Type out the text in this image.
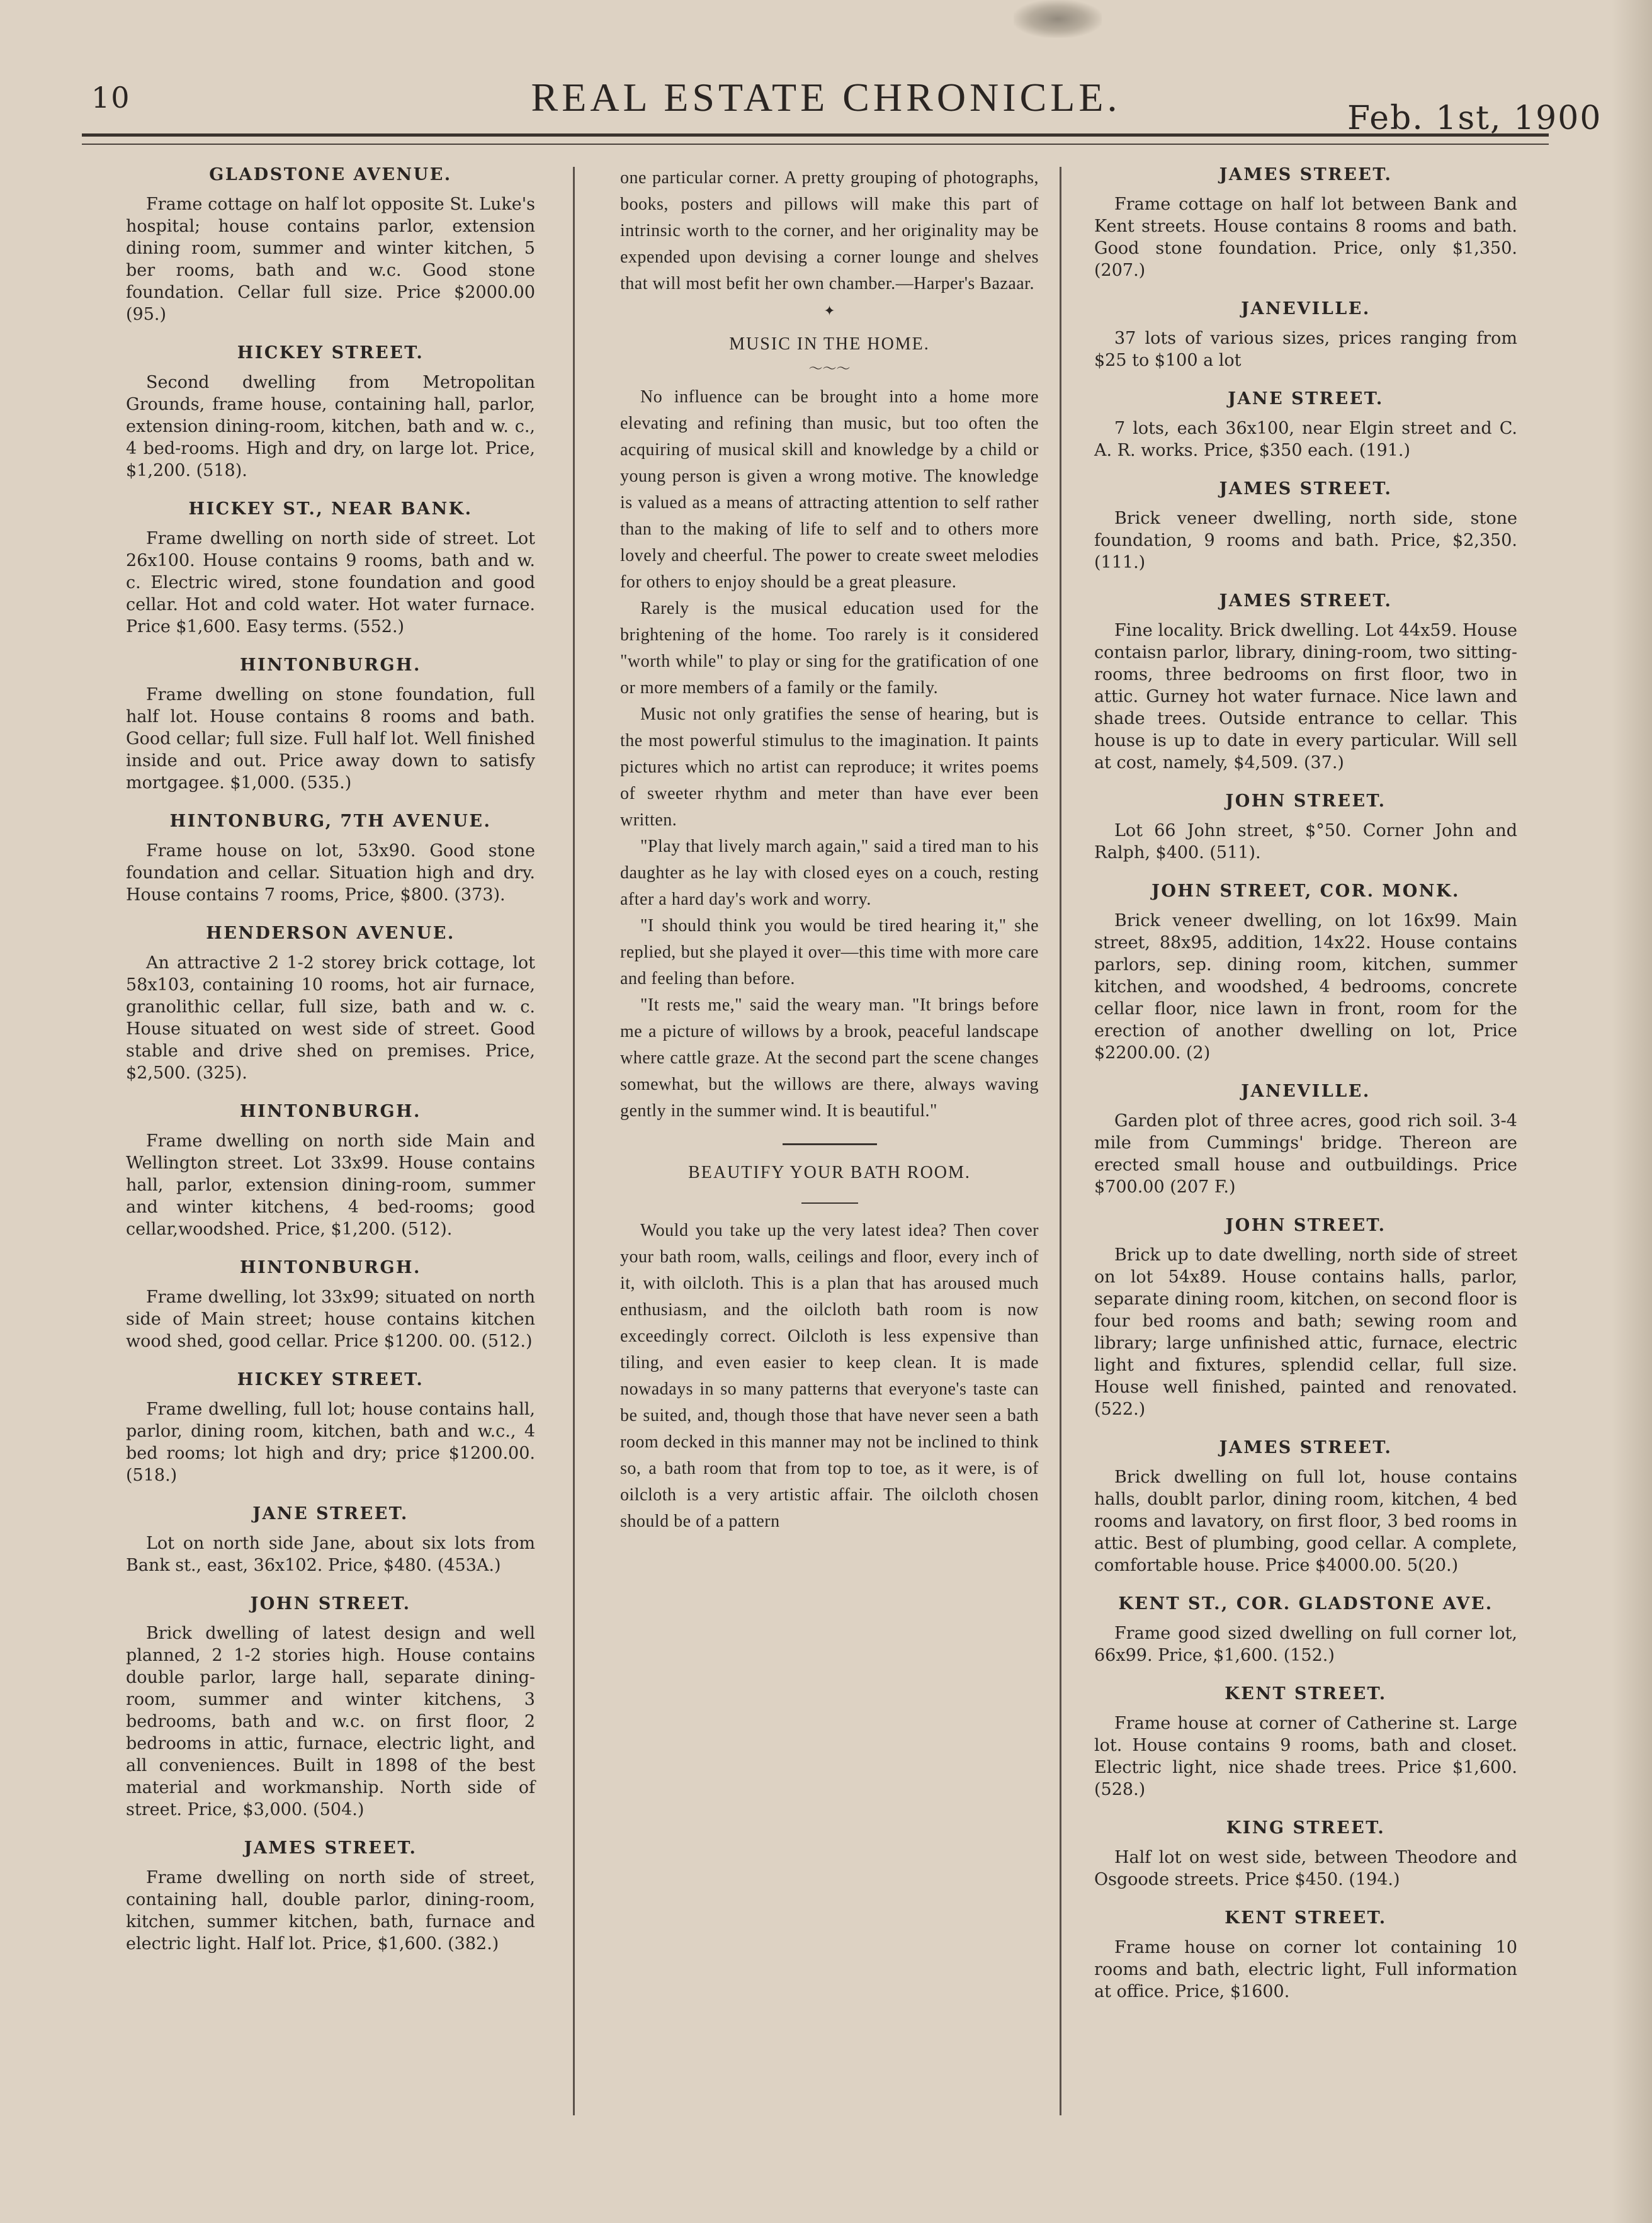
10	REAL ESTATE CHRONICLE.	Feb. 1st, 1900
GLADSTONE AVENUE.

Frame cottage on half lot opposite St. Luke's hospital; house contains parlor, extension dining room, summer and winter kitchen, 5 ber rooms, bath and w.c. Good stone foundation. Cellar full size. Price $2000.00 (95.)

HICKEY STREET.

Second dwelling from Metropolitan Grounds, frame house, containing hall, parlor, extension dining-room, kitchen, bath and w. c., 4 bed-rooms. High and dry, on large lot. Price, $1,200. (518).

HICKEY ST., NEAR BANK.

Frame dwelling on north side of street. Lot 26x100. House contains 9 rooms, bath and w. c. Electric wired, stone foundation and good cellar. Hot and cold water. Hot water furnace. Price $1,600. Easy terms. (552.)

HINTONBURGH.

Frame dwelling on stone foundation, full half lot. House contains 8 rooms and bath. Good cellar; full size. Full half lot. Well finished inside and out. Price away down to satisfy mortgagee. $1,000. (535.)

HINTONBURG, 7TH AVENUE.

Frame house on lot, 53x90. Good stone foundation and cellar. Situation high and dry. House contains 7 rooms, Price, $800. (373).

HENDERSON AVENUE.

An attractive 2 1-2 storey brick cottage, lot 58x103, containing 10 rooms, hot air furnace, granolithic cellar, full size, bath and w. c. House situated on west side of street. Good stable and drive shed on premises. Price, $2,500. (325).

HINTONBURGH.

Frame dwelling on north side Main and Wellington street. Lot 33x99. House contains hall, parlor, extension dining-room, summer and winter kitchens, 4 bed-rooms; good cellar,woodshed. Price, $1,200. (512).

HINTONBURGH.

Frame dwelling, lot 33x99; situated on north side of Main street; house contains kitchen wood shed, good cellar. Price $1200. 00. (512.)

HICKEY STREET.

Frame dwelling, full lot; house contains hall, parlor, dining room, kitchen, bath and w.c., 4 bed rooms; lot high and dry; price $1200.00. (518.)

JANE STREET.

Lot on north side Jane, about six lots from Bank st., east, 36x102. Price, $480. (453A.)

JOHN STREET.

Brick dwelling of latest design and well planned, 2 1-2 stories high. House contains double parlor, large hall, separate dining-room, summer and winter kitchens, 3 bedrooms, bath and w.c. on first floor, 2 bedrooms in attic, furnace, electric light, and all conveniences. Built in 1898 of the best material and workmanship. North side of street. Price, $3,000. (504.)

JAMES STREET.

Frame dwelling on north side of street, containing hall, double parlor, dining-room, kitchen, summer kitchen, bath, furnace and electric light. Half lot. Price, $1,600. (382.)

one particular corner. A pretty grouping of photographs, books, posters and pillows will make this part of intrinsic worth to the corner, and her originality may be expended upon devising a corner lounge and shelves that will most befit her own chamber.—Harper's Bazaar.

✦
MUSIC IN THE HOME.
～～～

No influence can be brought into a home more elevating and refining than music, but too often the acquiring of musical skill and knowledge by a child or young person is given a wrong motive. The knowledge is valued as a means of attracting attention to self rather than to the making of life to self and to others more lovely and cheerful. The power to create sweet melodies for others to enjoy should be a great pleasure.

Rarely is the musical education used for the brightening of the home. Too rarely is it considered "worth while" to play or sing for the gratification of one or more members of a family or the family.

Music not only gratifies the sense of hearing, but is the most powerful stimulus to the imagination. It paints pictures which no artist can reproduce; it writes poems of sweeter rhythm and meter than have ever been written.

"Play that lively march again," said a tired man to his daughter as he lay with closed eyes on a couch, resting after a hard day's work and worry.

"I should think you would be tired hearing it," she replied, but she played it over—this time with more care and feeling than before.

"It rests me," said the weary man. "It brings before me a picture of willows by a brook, peaceful landscape where cattle graze. At the second part the scene changes somewhat, but the willows are there, always waving gently in the summer wind. It is beautiful."

BEAUTIFY YOUR BATH ROOM.

Would you take up the very latest idea? Then cover your bath room, walls, ceilings and floor, every inch of it, with oilcloth. This is a plan that has aroused much enthusiasm, and the oilcloth bath room is now exceedingly correct. Oilcloth is less expensive than tiling, and even easier to keep clean. It is made nowadays in so many patterns that everyone's taste can be suited, and, though those that have never seen a bath room decked in this manner may not be inclined to think so, a bath room that from top to toe, as it were, is of oilcloth is a very artistic affair. The oilcloth chosen should be of a pattern

JAMES STREET.

Frame cottage on half lot between Bank and Kent streets. House contains 8 rooms and bath. Good stone foundation. Price, only $1,350. (207.)

JANEVILLE.

37 lots of various sizes, prices ranging from $25 to $100 a lot

JANE STREET.

7 lots, each 36x100, near Elgin street and C. A. R. works. Price, $350 each. (191.)

JAMES STREET.

Brick veneer dwelling, north side, stone foundation, 9 rooms and bath. Price, $2,350. (111.)

JAMES STREET.

Fine locality. Brick dwelling. Lot 44x59. House contaisn parlor, library, dining-room, two sitting-rooms, three bedrooms on first floor, two in attic. Gurney hot water furnace. Nice lawn and shade trees. Outside entrance to cellar. This house is up to date in every particular. Will sell at cost, namely, $4,509. (37.)

JOHN STREET.

Lot 66 John street, $°50. Corner John and Ralph, $400. (511).

JOHN STREET, COR. MONK.

Brick veneer dwelling, on lot 16x99. Main street, 88x95, addition, 14x22. House contains parlors, sep. dining room, kitchen, summer kitchen, and woodshed, 4 bedrooms, concrete cellar floor, nice lawn in front, room for the erection of another dwelling on lot, Price $2200.00. (2)

JANEVILLE.

Garden plot of three acres, good rich soil. 3-4 mile from Cummings' bridge. Thereon are erected small house and outbuildings. Price $700.00 (207 F.)

JOHN STREET.

Brick up to date dwelling, north side of street on lot 54x89. House contains halls, parlor, separate dining room, kitchen, on second floor is four bed rooms and bath; sewing room and library; large unfinished attic, furnace, electric light and fixtures, splendid cellar, full size. House well finished, painted and renovated. (522.)

JAMES STREET.

Brick dwelling on full lot, house contains halls, doublt parlor, dining room, kitchen, 4 bed rooms and lavatory, on first floor, 3 bed rooms in attic. Best of plumbing, good cellar. A complete, comfortable house. Price $4000.00. 5(20.)

KENT ST., COR. GLADSTONE AVE.

Frame good sized dwelling on full corner lot, 66x99. Price, $1,600. (152.)

KENT STREET.

Frame house at corner of Catherine st. Large lot. House contains 9 rooms, bath and closet. Electric light, nice shade trees. Price $1,600. (528.)

KING STREET.

Half lot on west side, between Theodore and Osgoode streets. Price $450. (194.)

KENT STREET.

Frame house on corner lot containing 10 rooms and bath, electric light, Full information at office. Price, $1600.
